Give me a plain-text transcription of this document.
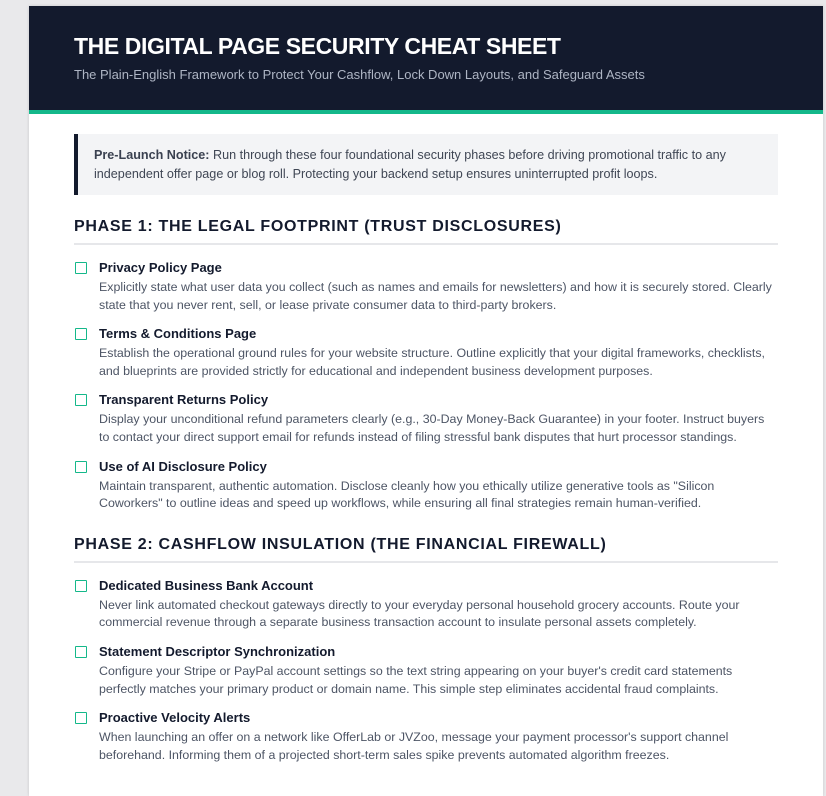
THE DIGITAL PAGE SECURITY CHEAT SHEET
The Plain-English Framework to Protect Your Cashflow, Lock Down Layouts, and Safeguard Assets
Pre-Launch Notice: Run through these four foundational security phases before driving promotional traffic to any independent offer page or blog roll. Protecting your backend setup ensures uninterrupted profit loops.
PHASE 1: THE LEGAL FOOTPRINT (TRUST DISCLOSURES)
Privacy Policy Page
Explicitly state what user data you collect (such as names and emails for newsletters) and how it is securely stored. Clearly state that you never rent, sell, or lease private consumer data to third-party brokers.
Terms & Conditions Page
Establish the operational ground rules for your website structure. Outline explicitly that your digital frameworks, checklists, and blueprints are provided strictly for educational and independent business development purposes.
Transparent Returns Policy
Display your unconditional refund parameters clearly (e.g., 30-Day Money-Back Guarantee) in your footer. Instruct buyers to contact your direct support email for refunds instead of filing stressful bank disputes that hurt processor standings.
Use of AI Disclosure Policy
Maintain transparent, authentic automation. Disclose cleanly how you ethically utilize generative tools as "Silicon Coworkers" to outline ideas and speed up workflows, while ensuring all final strategies remain human-verified.
PHASE 2: CASHFLOW INSULATION (THE FINANCIAL FIREWALL)
Dedicated Business Bank Account
Never link automated checkout gateways directly to your everyday personal household grocery accounts. Route your commercial revenue through a separate business transaction account to insulate personal assets completely.
Statement Descriptor Synchronization
Configure your Stripe or PayPal account settings so the text string appearing on your buyer's credit card statements perfectly matches your primary product or domain name. This simple step eliminates accidental fraud complaints.
Proactive Velocity Alerts
When launching an offer on a network like OfferLab or JVZoo, message your payment processor's support channel beforehand. Informing them of a projected short-term sales spike prevents automated algorithm freezes.
